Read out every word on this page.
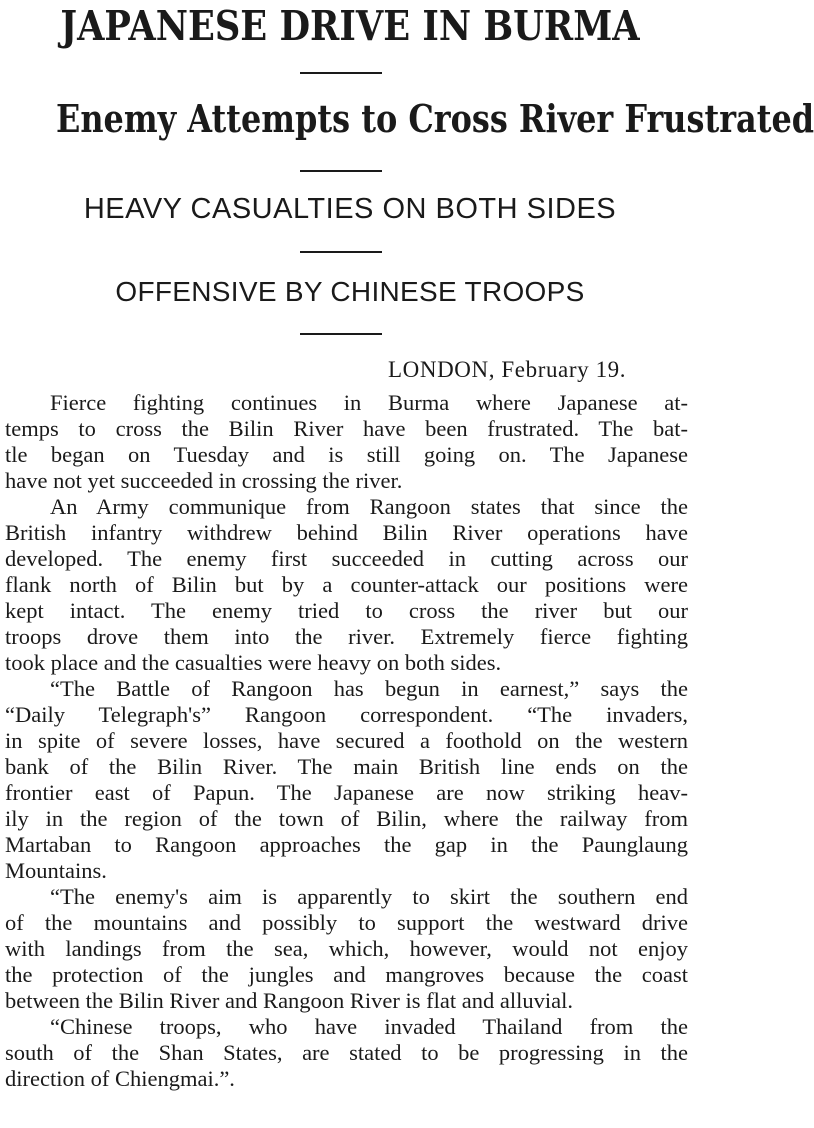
JAPANESE DRIVE IN BURMA
Enemy Attempts to Cross River Frustrated
HEAVY CASUALTIES ON BOTH SIDES
OFFENSIVE BY CHINESE TROOPS
LONDON, February 19.
Fierce fighting continues in Burma where Japanese at-
temps to cross the Bilin River have been frustrated. The bat-
tle began on Tuesday and is still going on. The Japanese
have not yet succeeded in crossing the river.
An Army communique from Rangoon states that since the
British infantry withdrew behind Bilin River operations have
developed. The enemy first succeeded in cutting across our
flank north of Bilin but by a counter-attack our positions were
kept intact. The enemy tried to cross the river but our
troops drove them into the river. Extremely fierce fighting
took place and the casualties were heavy on both sides.
“The Battle of Rangoon has begun in earnest,” says the
“Daily Telegraph's” Rangoon correspondent. “The invaders,
in spite of severe losses, have secured a foothold on the western
bank of the Bilin River. The main British line ends on the
frontier east of Papun. The Japanese are now striking heav-
ily in the region of the town of Bilin, where the railway from
Martaban to Rangoon approaches the gap in the Paunglaung
Mountains.
“The enemy's aim is apparently to skirt the southern end
of the mountains and possibly to support the westward drive
with landings from the sea, which, however, would not enjoy
the protection of the jungles and mangroves because the coast
between the Bilin River and Rangoon River is flat and alluvial.
“Chinese troops, who have invaded Thailand from the
south of the Shan States, are stated to be progressing in the
direction of Chiengmai.”.
